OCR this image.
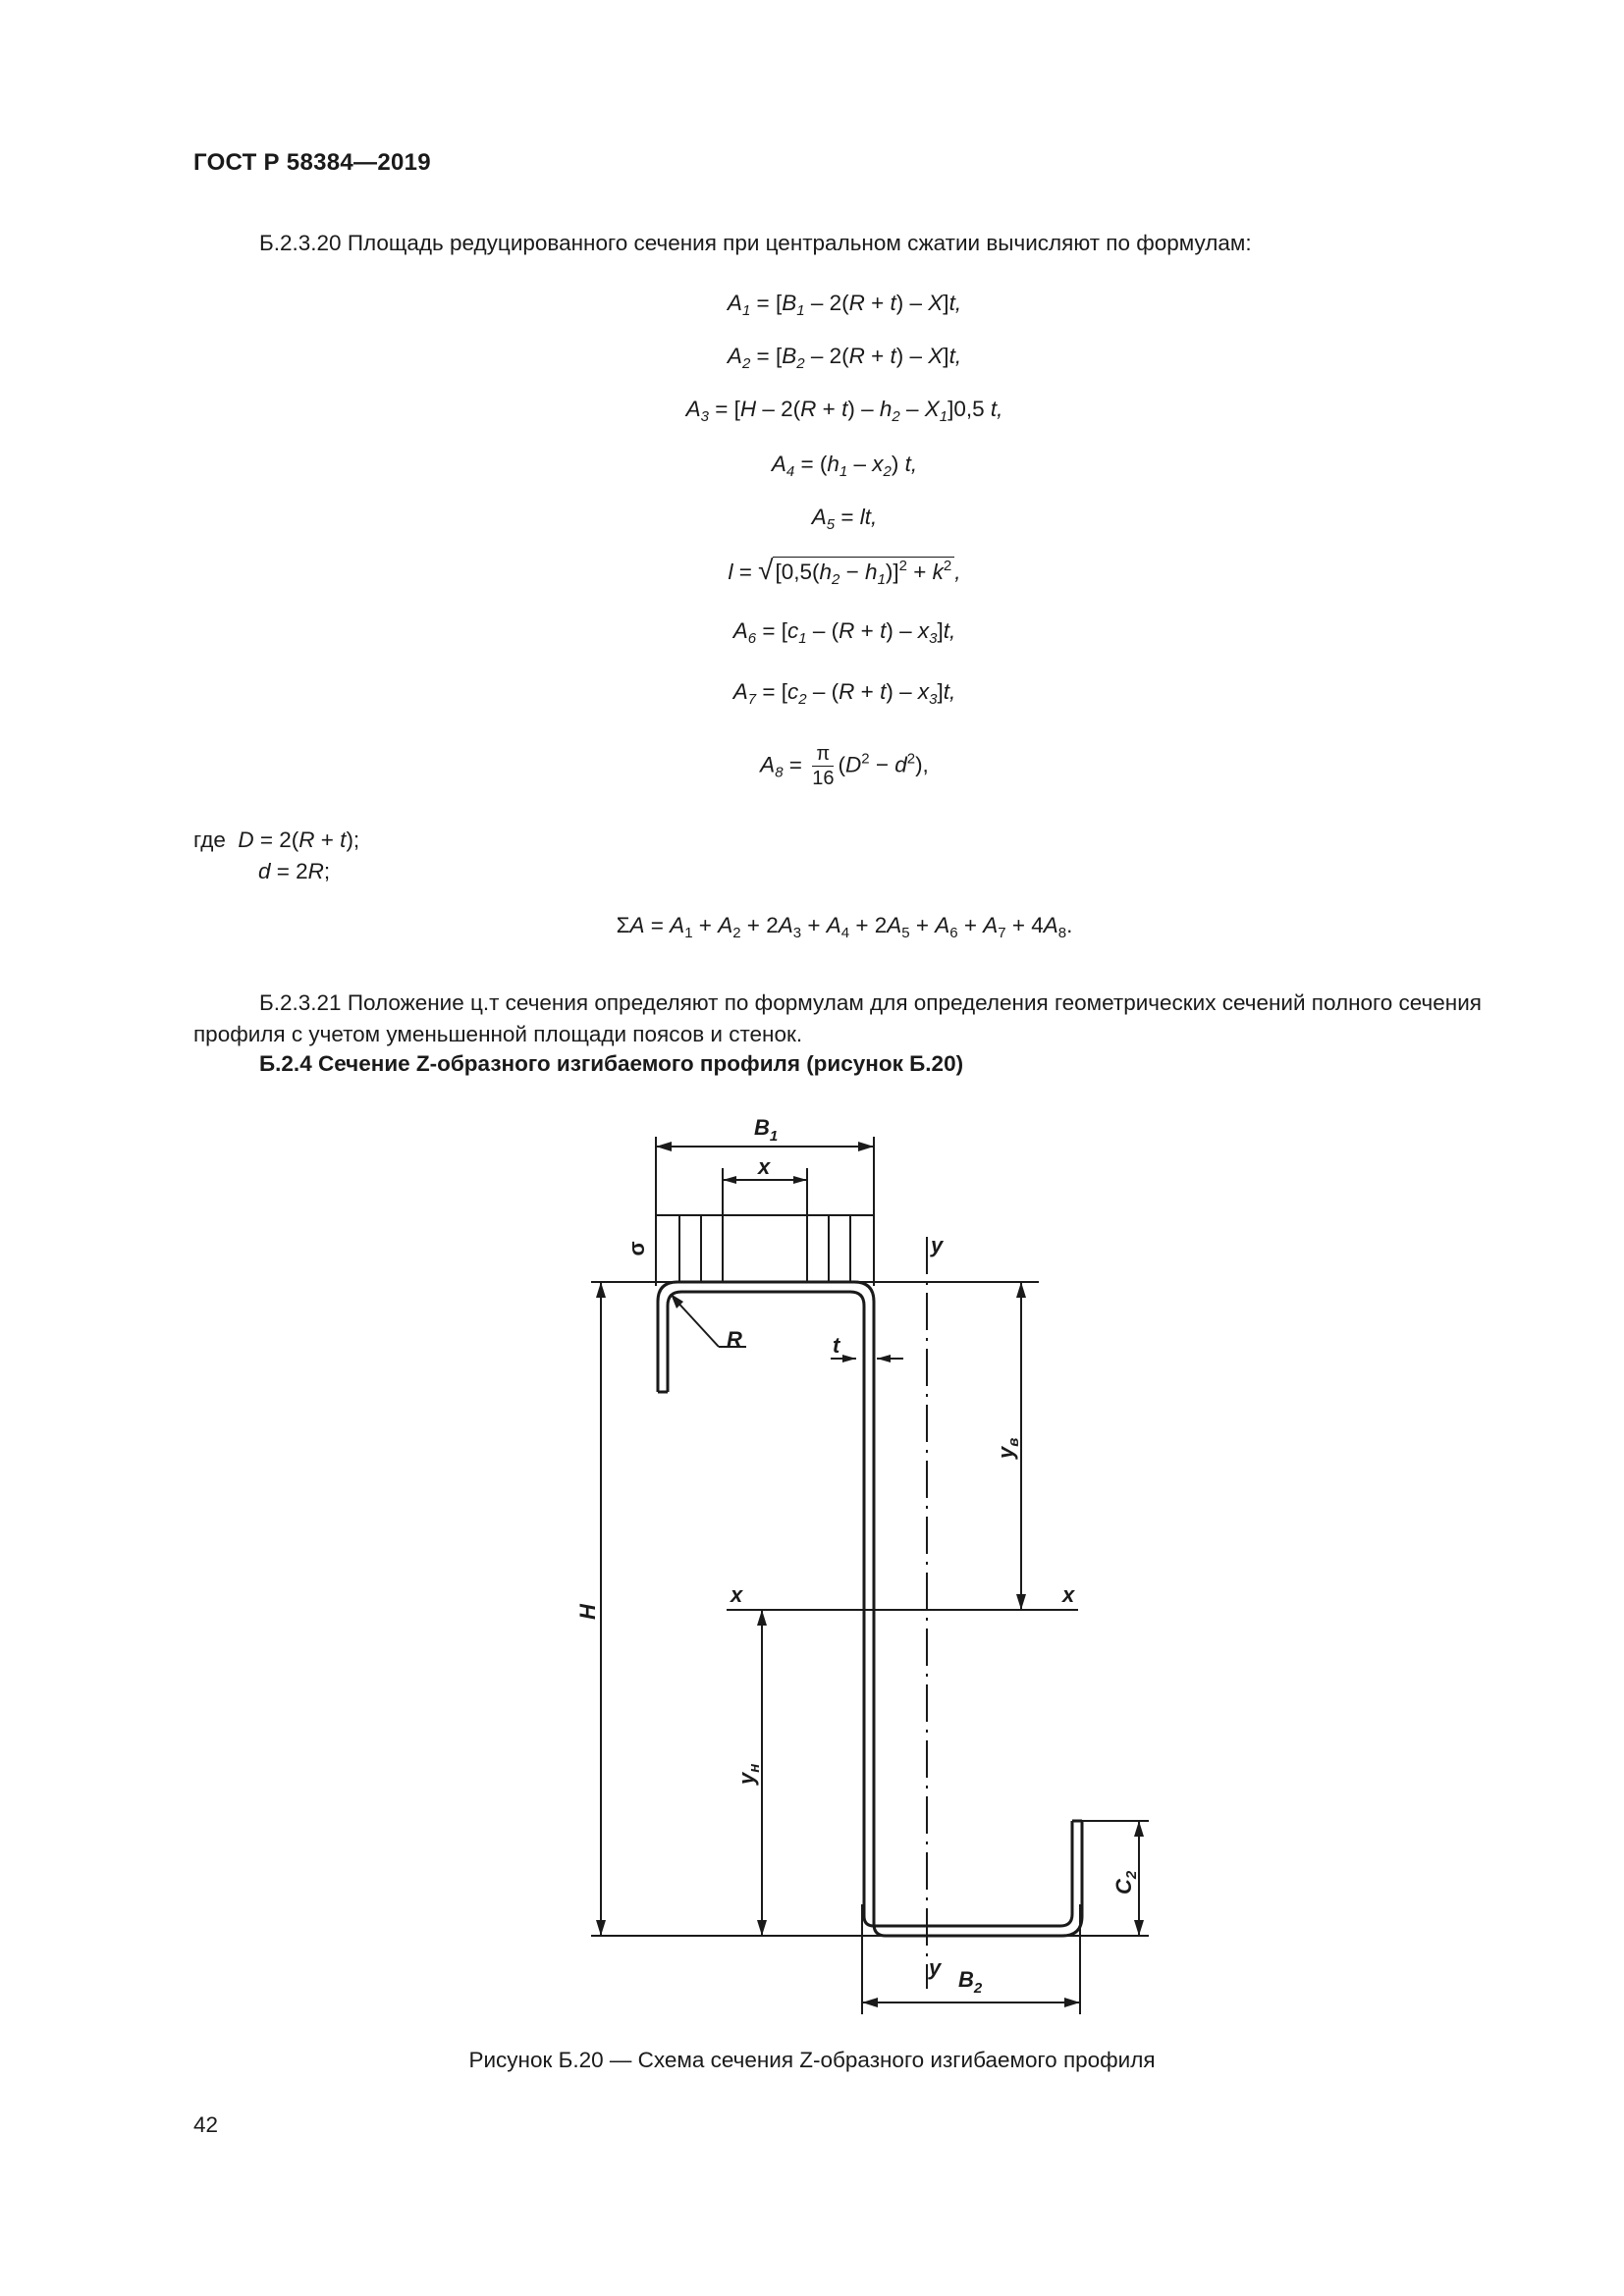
ГОСТ Р 58384—2019
Б.2.3.20 Площадь редуцированного сечения при центральном сжатии вычисляют по формулам:
$A_1 = [B_1 - 2(R + t) - X]t$,
$A_2 = [B_2 - 2(R + t) - X]t$,
$A_3 = [H - 2(R + t) - h_2 - X_1]0,5$ t,
$A_4 = (h_1 - x_2)$ t,
$A_5$ = lt,
$l = √[0,5(h_2 - h_1)]^2 + k^2$ ,
$A_6 = [c_1 - (R + t) - x_3]t$,
$A_7 = [c_2 - (R + t) - x_3]t$,
$A_8 = \frac{\pi}{16} (D^2 - d^2)$,
где D = 2(R + t);
d = 2R;
$\Sigma A = A_1 + A_2 + 2A_3 + A_4 + 2A_5 + A_6 + A_7 + 4A_8$.
Б.2.3.21 Положение ц.т сечения определяют по формулам для определения геометрических сечений полного сечения профиля с учетом уменьшенной площади поясов и стенок.
Б.2.4 Сечение Z-образного изгибаемого профиля (рисунок Б.20)
$B_1$
x
σ	y
R	t
$y_в$
H
x	x
$y_н$
$C_2$
y $B_2$
Рисунок Б.20 — Схема сечения Z-образного изгибаемого профиля
42
